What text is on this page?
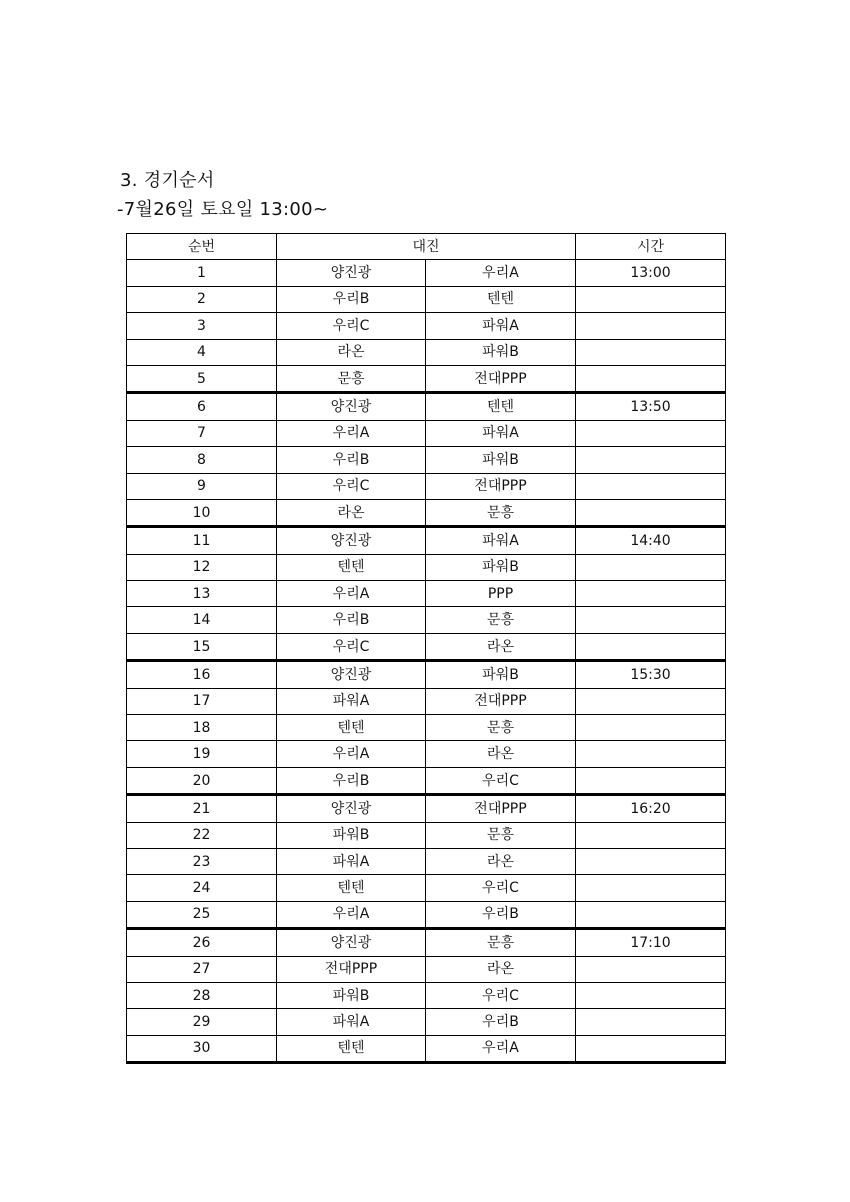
3. 경기순서
-7월26일 토요일 13:00~
순번	대진		시간
1	양진광	우리A	13:00
2	우리B	텐텐	
3	우리C	파워A	
4	라온	파워B	
5	문흥	전대PPP	
6	양진광	텐텐	13:50
7	우리A	파워A	
8	우리B	파워B	
9	우리C	전대PPP	
10	라온	문흥	
11	양진광	파워A	14:40
12	텐텐	파워B	
13	우리A	PPP	
14	우리B	문흥	
15	우리C	라온	
16	양진광	파워B	15:30
17	파워A	전대PPP	
18	텐텐	문흥	
19	우리A	라온	
20	우리B	우리C	
21	양진광	전대PPP	16:20
22	파워B	문흥	
23	파워A	라온	
24	텐텐	우리C	
25	우리A	우리B	
26	양진광	문흥	17:10
27	전대PPP	라온	
28	파워B	우리C	
29	파워A	우리B	
30	텐텐	우리A	
